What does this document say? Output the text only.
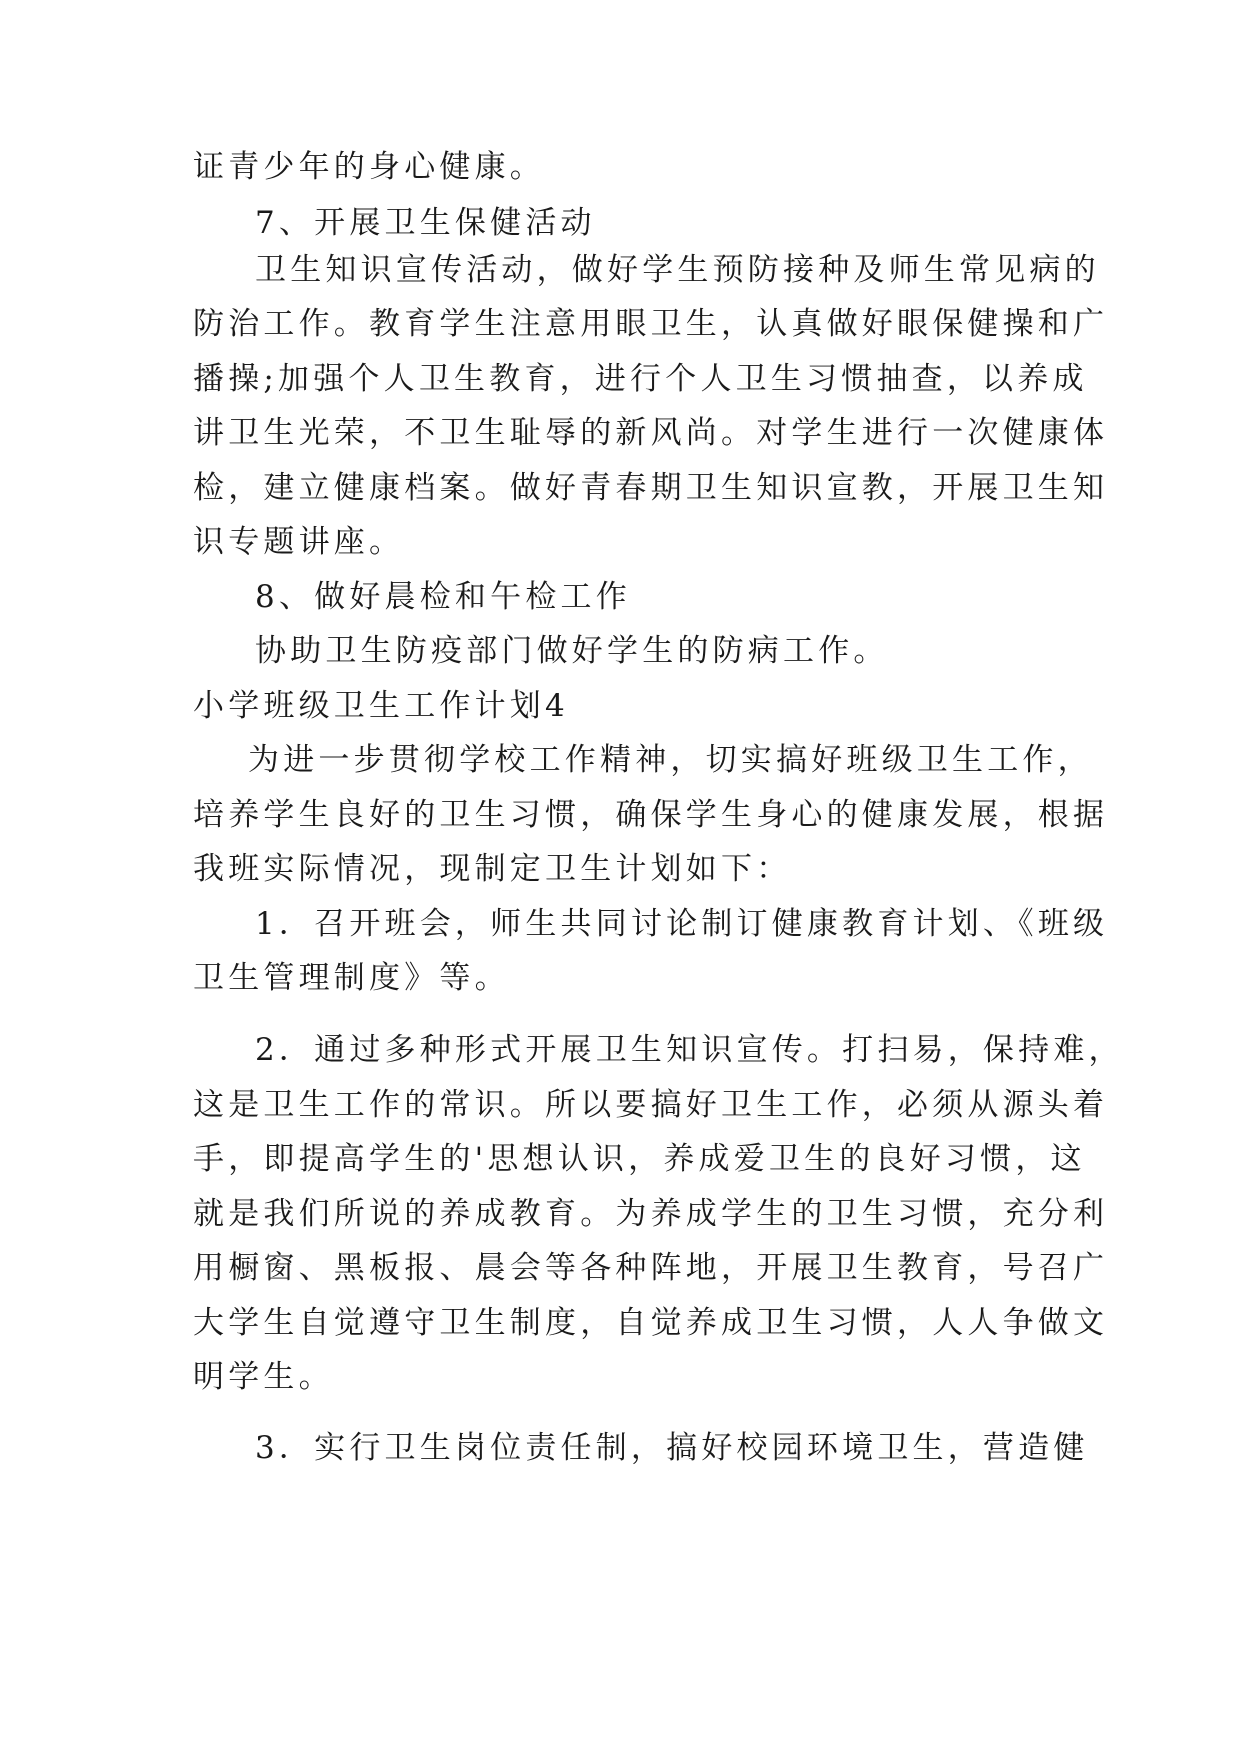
证青少年的身心健康。
7、开展卫生保健活动
卫生知识宣传活动，做好学生预防接种及师生常见病的
防治工作。教育学生注意用眼卫生，认真做好眼保健操和广
播操;加强个人卫生教育，进行个人卫生习惯抽查，以养成
讲卫生光荣，不卫生耻辱的新风尚。对学生进行一次健康体
检，建立健康档案。做好青春期卫生知识宣教，开展卫生知
识专题讲座。
8、做好晨检和午检工作
协助卫生防疫部门做好学生的防病工作。
小学班级卫生工作计划4
为进一步贯彻学校工作精神，切实搞好班级卫生工作，
培养学生良好的卫生习惯，确保学生身心的健康发展，根据
我班实际情况，现制定卫生计划如下：
1．召开班会，师生共同讨论制订健康教育计划、《班级
卫生管理制度》等。
2．通过多种形式开展卫生知识宣传。打扫易，保持难，
这是卫生工作的常识。所以要搞好卫生工作，必须从源头着
手，即提高学生的'思想认识，养成爱卫生的良好习惯，这
就是我们所说的养成教育。为养成学生的卫生习惯，充分利
用橱窗、黑板报、晨会等各种阵地，开展卫生教育，号召广
大学生自觉遵守卫生制度，自觉养成卫生习惯，人人争做文
明学生。
3．实行卫生岗位责任制，搞好校园环境卫生，营造健
